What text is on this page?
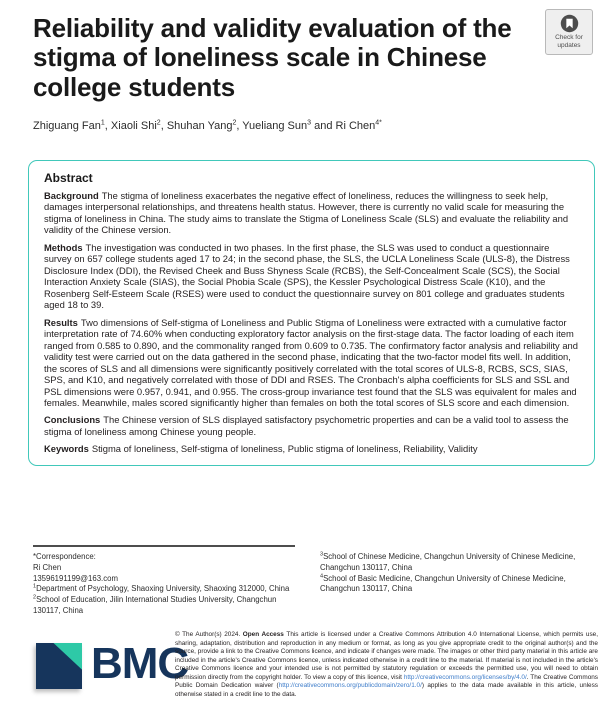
Reliability and validity evaluation of the stigma of loneliness scale in Chinese college students
Check for
updates
Zhiguang Fan$^1$, Xiaoli Shi$^2$, Shuhan Yang$^2$, Yueliang Sun$^3$ and Ri Chen$^{4*}$
Abstract

Background The stigma of loneliness exacerbates the negative effect of loneliness, reduces the willingness to seek help, damages interpersonal relationships, and threatens health status. However, there is currently no valid scale for measuring the stigma of loneliness in China. The study aims to translate the Stigma of Loneliness Scale (SLS) and evaluate the reliability and validity of the Chinese version.

Methods The investigation was conducted in two phases. In the first phase, the SLS was used to conduct a questionnaire survey on 657 college students aged 17 to 24; in the second phase, the SLS, the UCLA Loneliness Scale (ULS-8), the Distress Disclosure Index (DDI), the Revised Cheek and Buss Shyness Scale (RCBS), the Self-Concealment Scale (SCS), the Social Interaction Anxiety Scale (SIAS), the Social Phobia Scale (SPS), the Kessler Psychological Distress Scale (K10), and the Rosenberg Self-Esteem Scale (RSES) were used to conduct the questionnaire survey on 801 college and graduates students aged 18 to 39.

Results Two dimensions of Self-stigma of Loneliness and Public Stigma of Loneliness were extracted with a cumulative factor interpretation rate of 74.60% when conducting exploratory factor analysis on the first-stage data. The factor loading of each item ranged from 0.585 to 0.890, and the commonality ranged from 0.609 to 0.735. The confirmatory factor analysis and reliability and validity test were carried out on the data gathered in the second phase, indicating that the two-factor model fits well. In addition, the scores of SLS and all dimensions were significantly positively correlated with the total scores of ULS-8, RCBS, SCS, SIAS, SPS, and K10, and negatively correlated with those of DDI and RSES. The Cronbach's alpha coefficients for SLS and SSL and PSL dimensions were 0.957, 0.941, and 0.955. The cross-group invariance test found that the SLS was equivalent for males and females. Meanwhile, males scored significantly higher than females on both the total scores of SLS score and each dimension.

Conclusions The Chinese version of SLS displayed satisfactory psychometric properties and can be a valid tool to assess the stigma of loneliness among Chinese young people.

Keywords Stigma of loneliness, Self-stigma of loneliness, Public stigma of loneliness, Reliability, Validity

*Correspondence:
Ri Chen
13596191199@163.com
$^1$Department of Psychology, Shaoxing University, Shaoxing 312000, China
$^2$School of Education, Jilin International Studies University, Changchun 130117, China
$^3$School of Chinese Medicine, Changchun University of Chinese Medicine, Changchun 130117, China
$^4$School of Basic Medicine, Changchun University of Chinese Medicine, Changchun 130117, China
BMC

© The Author(s) 2024. Open Access This article is licensed under a Creative Commons Attribution 4.0 International License, which permits use, sharing, adaptation, distribution and reproduction in any medium or format, as long as you give appropriate credit to the original author(s) and the source, provide a link to the Creative Commons licence, and indicate if changes were made. The images or other third party material in this article are included in the article's Creative Commons licence, unless indicated otherwise in a credit line to the material. If material is not included in the article's Creative Commons licence and your intended use is not permitted by statutory regulation or exceeds the permitted use, you will need to obtain permission directly from the copyright holder. To view a copy of this licence, visit http://creativecommons.org/licenses/by/4.0/. The Creative Commons Public Domain Dedication waiver (http://creativecommons.org/publicdomain/zero/1.0/) applies to the data made available in this article, unless otherwise stated in a credit line to the data.
